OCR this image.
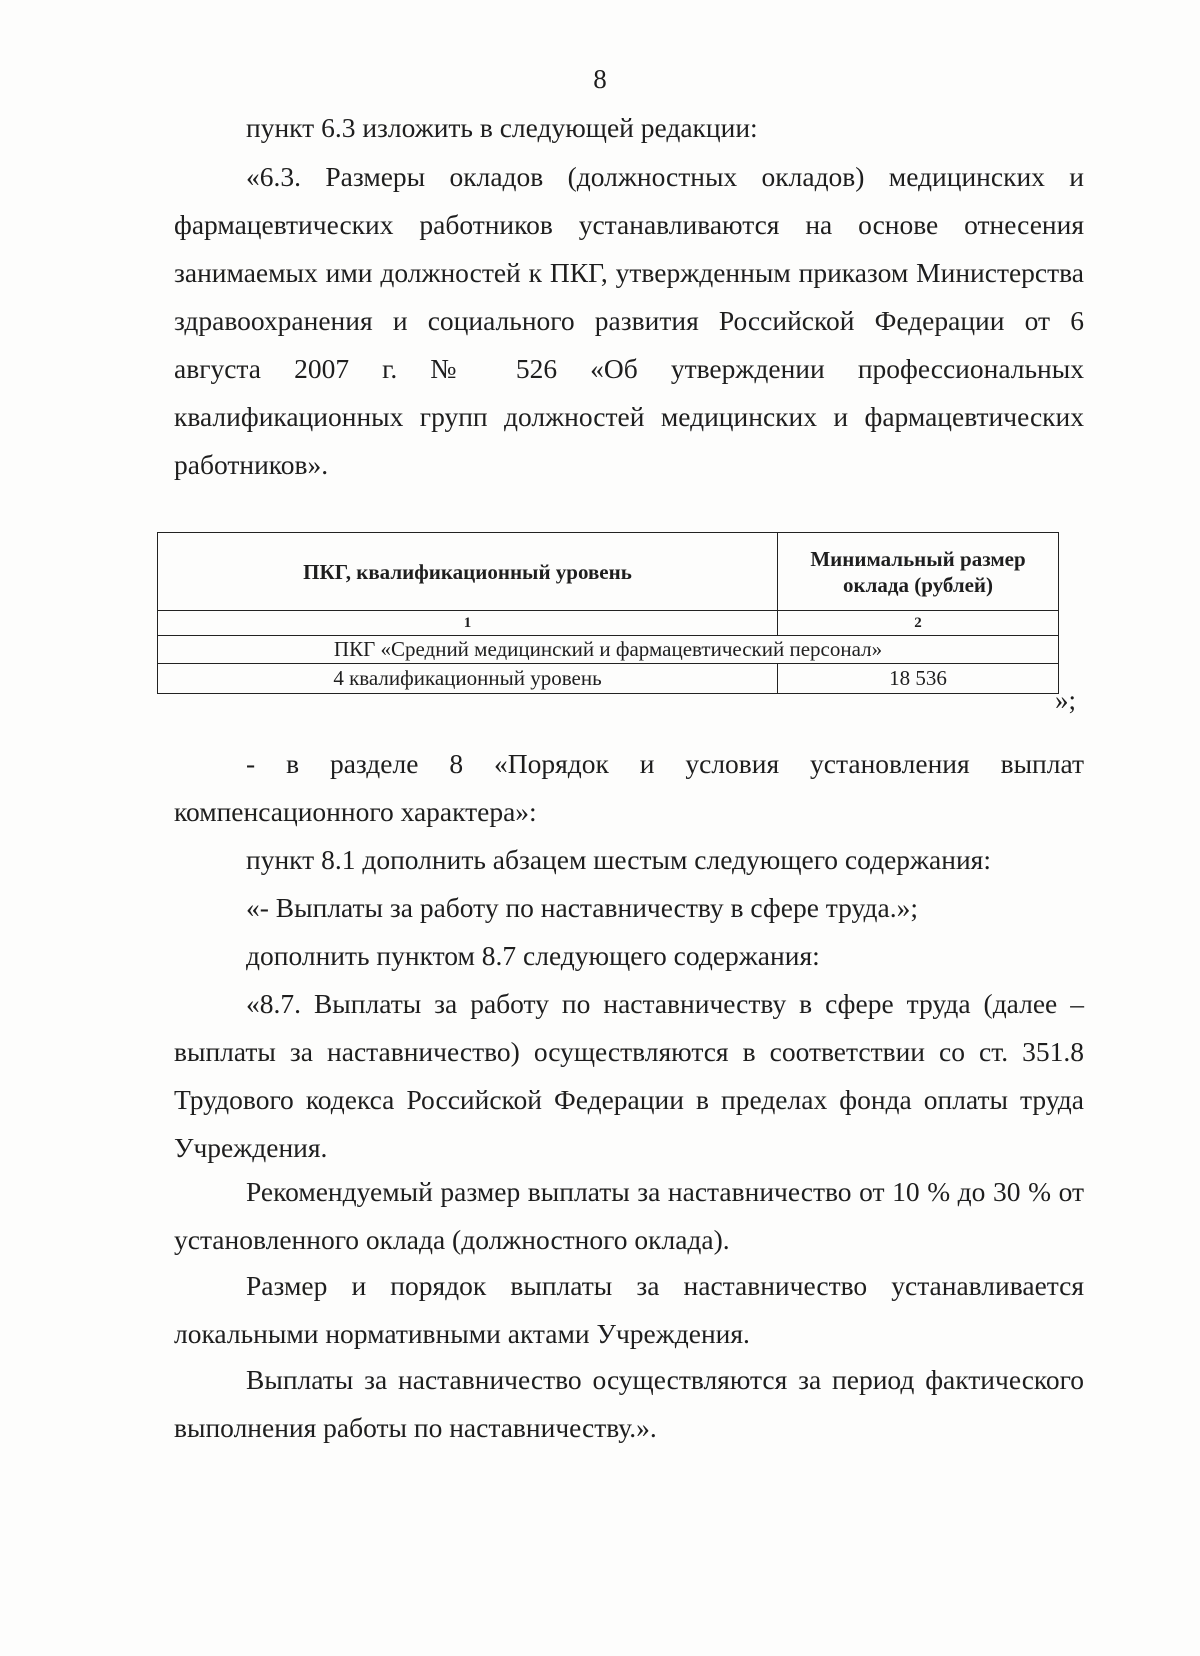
8

пункт 6.3 изложить в следующей редакции:

«6.3. Размеры окладов (должностных окладов) медицинских и фармацевтических работников устанавливаются на основе отнесения занимаемых ими должностей к ПКГ, утвержденным приказом Министерства здравоохранения и социального развития Российской Федерации от 6 августа 2007 г. № 526 «Об утверждении профессиональных квалификационных групп должностей медицинских и фармацевтических работников».

ПКГ, квалификационный уровень	Минимальный размер оклада (рублей)
1	2
ПКГ «Средний медицинский и фармацевтический персонал»	
4 квалификационный уровень	18 536
»;

- в разделе 8 «Порядок и условия установления выплат компенсационного характера»:

пункт 8.1 дополнить абзацем шестым следующего содержания:

«- Выплаты за работу по наставничеству в сфере труда.»;

дополнить пунктом 8.7 следующего содержания:

«8.7. Выплаты за работу по наставничеству в сфере труда (далее – выплаты за наставничество) осуществляются в соответствии со ст. 351.8 Трудового кодекса Российской Федерации в пределах фонда оплаты труда Учреждения.

Рекомендуемый размер выплаты за наставничество от 10 % до 30 % от установленного оклада (должностного оклада).

Размер и порядок выплаты за наставничество устанавливается локальными нормативными актами Учреждения.

Выплаты за наставничество осуществляются за период фактического выполнения работы по наставничеству.».
